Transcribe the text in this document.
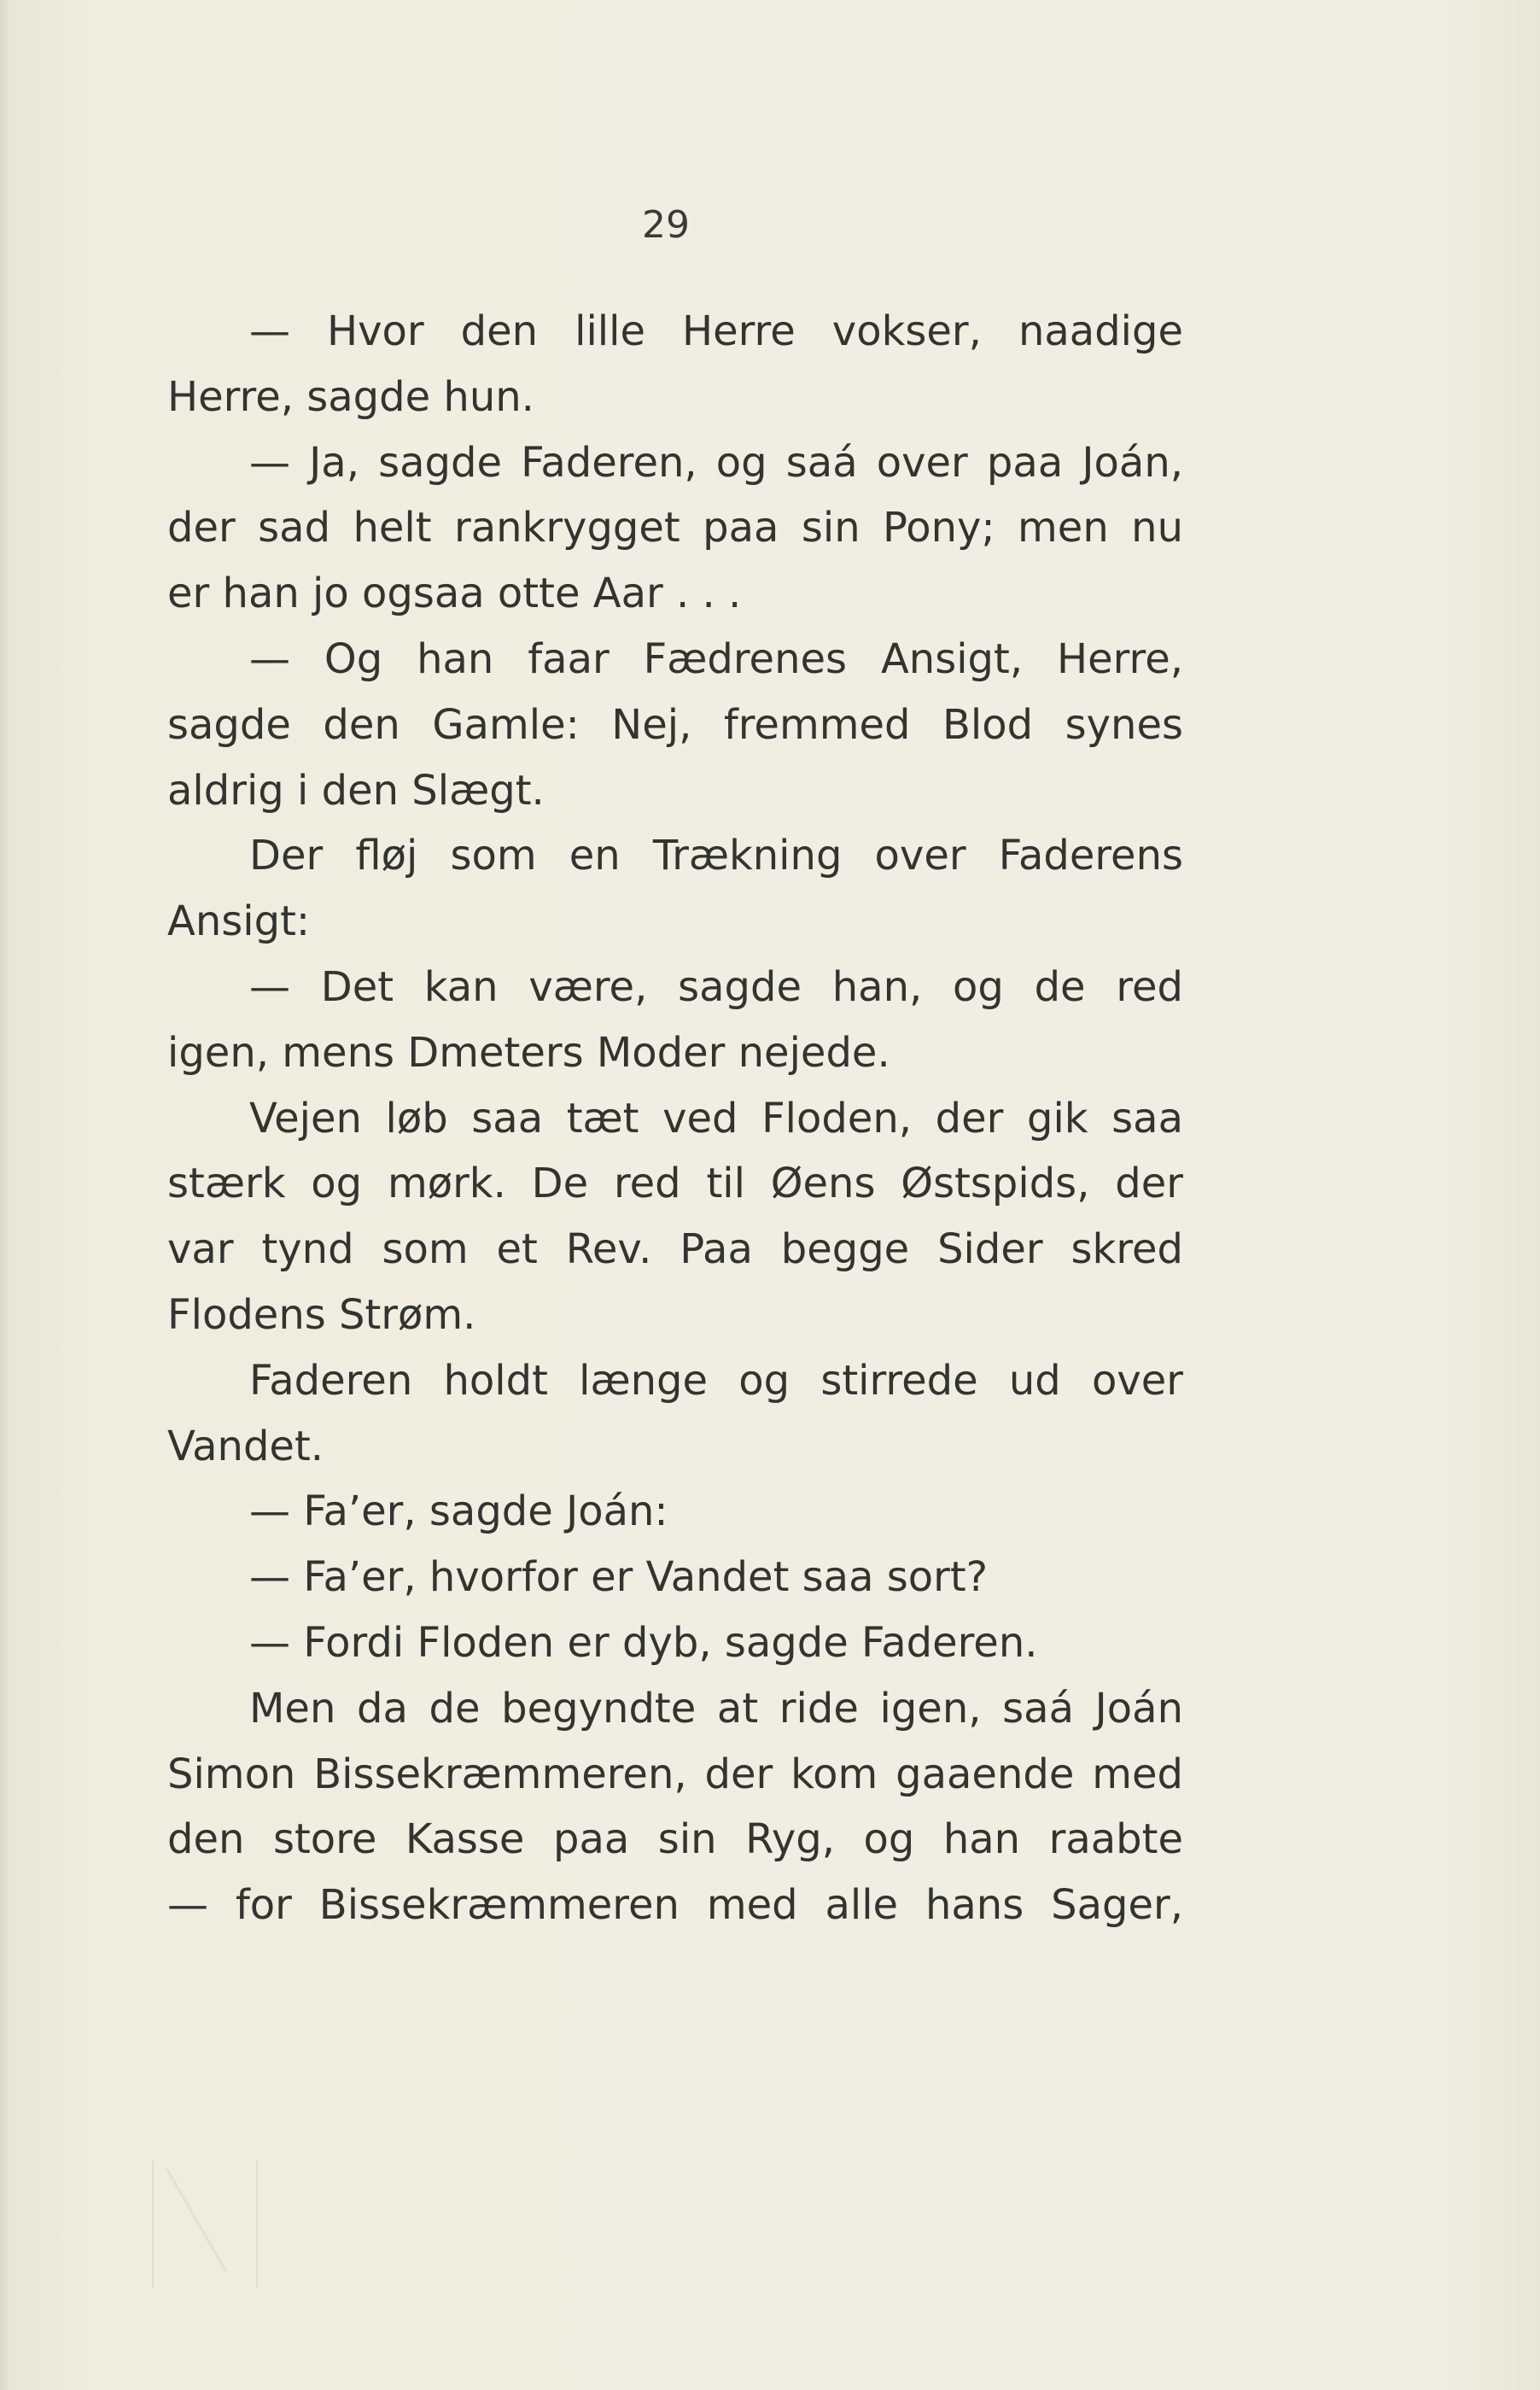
29
— Hvor den lille Herre vokser, naadige
Herre, sagde hun.
— Ja, sagde Faderen, og saá over paa Joán,
der sad helt rankrygget paa sin Pony; men nu
er han jo ogsaa otte Aar . . .
— Og han faar Fædrenes Ansigt, Herre,
sagde den Gamle: Nej, fremmed Blod synes
aldrig i den Slægt.
Der fløj som en Trækning over Faderens
Ansigt:
— Det kan være, sagde han, og de red
igen, mens Dmeters Moder nejede.
Vejen løb saa tæt ved Floden, der gik saa
stærk og mørk. De red til Øens Østspids, der
var tynd som et Rev. Paa begge Sider skred
Flodens Strøm.
Faderen holdt længe og stirrede ud over
Vandet.
— Fa’er, sagde Joán:
— Fa’er, hvorfor er Vandet saa sort?
— Fordi Floden er dyb, sagde Faderen.
Men da de begyndte at ride igen, saá Joán
Simon Bissekræmmeren, der kom gaaende med
den store Kasse paa sin Ryg, og han raabte
— for Bissekræmmeren med alle hans Sager,
